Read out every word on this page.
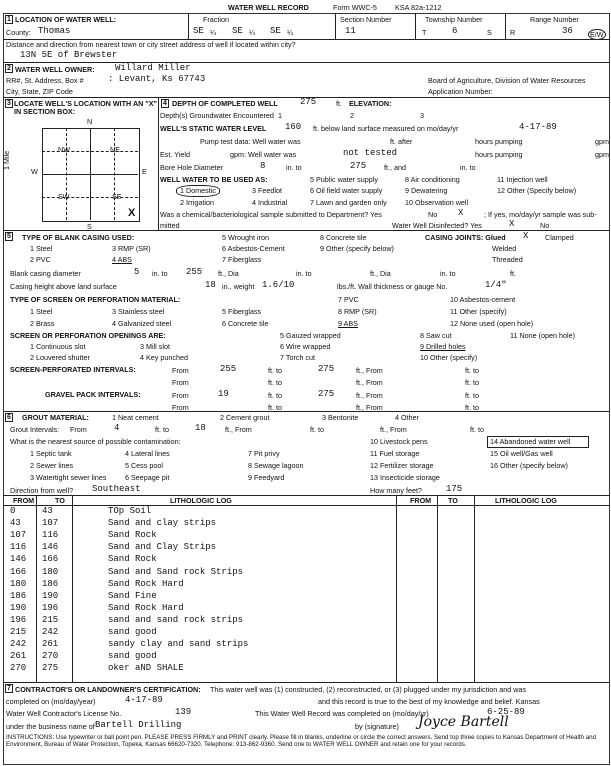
WATER WELL RECORD	Form WWC-5	KSA 82a-1212
1 LOCATION OF WATER WELL:	Fraction	Section Number	Township Number	Range Number
County: Thomas	SE ¼ SE ¼ SE ¼	11	T	6	S	R	36 E/W
Distance and direction from nearest town or city street address of well if located within city?
13N 5E of Brewster
2 WATER WELL OWNER: Willard Miller
RR#, St. Address, Box #	: Levant, Ks 67743
City, State, ZIP Code
Board of Agriculture, Division of Water Resources
Application Number:
3 LOCATE WELL'S LOCATION WITH AN "X" IN SECTION BOX:
N
S
W	E
1 Mile
NW	NE
SW	SE
X
4 DEPTH OF COMPLETED WELL 275	ft. ELEVATION:
Depth(s) Groundwater Encountered 1	2	3
WELL'S STATIC WATER LEVEL 160 ft. below land surface measured on mo/day/yr	4-17-89
Pump test data: Well water was	ft. after	hours pumping	gpm
Est. Yield	gpm: Well water was	not tested	hours pumping	gpm
Bore Hole Diameter	8	in. to	275 ft., and	in. to
WELL WATER TO BE USED AS:
1 Domestic	3 Feedlot
5 Public water supply	8 Air conditioning	11 Injection well
2 Irrigation	4 Industrial
6 Oil field water supply	9 Dewatering	12 Other (Specify below)
7 Lawn and garden only	10 Observation well
Was a chemical/bacteriological sample submitted to Department? Yes	No X	; If yes, mo/day/yr sample was sub-
mitted	Water Well Disinfected? Yes	X	No
5 TYPE OF BLANK CASING USED:
1 Steel	3 RMP (SR)
5 Wrought iron	8 Concrete tile
2 PVC	4 ABS
6 Asbestos-Cement	9 Other (specify below)
7 Fiberglass
CASING JOINTS: Glued X Clamped
Welded
Threaded
Blank casing diameter	5 in. to 255 ft., Dia	in. to	ft., Dia	in. to	ft.
Casing height above land surface	18 in., weight 1.6/10	lbs./ft. Wall thickness or gauge No.	1/4"
TYPE OF SCREEN OR PERFORATION MATERIAL:
1 Steel	3 Stainless steel	5 Fiberglass
7 PVC	10 Asbestos-cement
2 Brass	4 Galvanized steel	6 Concrete tile
8 RMP (SR)	11 Other (specify)
9 ABS	12 None used (open hole)
SCREEN OR PERFORATION OPENINGS ARE:	5 Gauzed wrapped	8 Saw cut	11 None (open hole)
1 Continuous slot	3 Mill slot	6 Wire wrapped	9 Drilled holes
2 Louvered shutter	4 Key punched	7 Torch cut	10 Other (specify)
SCREEN-PERFORATED INTERVALS:	From	255	ft. to	275	ft., From	ft. to
From	ft. to	ft., From	ft. to
GRAVEL PACK INTERVALS:	From	19	ft. to	275	ft., From	ft. to
From	ft. to	ft., From	ft. to
6 GROUT MATERIAL:	1 Neat cement	2 Cement grout	3 Bentonite	4 Other
Grout Intervals: From	4	ft. to	18	ft., From	ft. to	ft., From	ft. to
What is the nearest source of possible contamination:	10 Livestock pens	14 Abandoned water well
1 Septic tank	4 Lateral lines	7 Pit privy	11 Fuel storage	15 Oil well/Gas well
2 Sewer lines	5 Cess pool	8 Sewage lagoon	12 Fertilizer storage	16 Other (specify below)
3 Watertight sewer lines	6 Seepage pit	9 Feedyard	13 Insecticide storage
Direction from well? Southeast	How many feet?	175
FROM	TO	LITHOLOGIC LOG	FROM TO	LITHOLOGIC LOG
0	43	TOp Soil
43 107	Sand and clay strips
107 116	Sand Rock
116 146	Sand and Clay Strips
146 166	Sand Rock
166 180	Sand and Sand rock Strips
180 186	Sand Rock Hard
186 190	Sand Fine
190 196	Sand Rock Hard
196 215	sand and sand rock strips
215 242	sand good
242 261	sandy clay and sand strips
261 270	sand good
270 275	oker aND SHALE
7 CONTRACTOR'S OR LANDOWNER'S CERTIFICATION: This water well was (1) constructed, (2) reconstructed, or (3) plugged under my jurisdiction and was
completed on (mo/day/year)	4-17-89	and this record is true to the best of my knowledge and belief. Kansas
Water Well Contractor's License No.	139	This Water Well Record was completed on (mo/day/yr)	6-25-89
under the business name of Bartell Drilling	by (signature) Joyce Bartell
INSTRUCTIONS: Use typewriter or ball point pen. PLEASE PRESS FIRMLY and PRINT clearly. Please fill in blanks, underline or circle the correct answers. Send top three copies to Kansas Department of Health and Environment, Bureau of Water Protection, Topeka, Kansas 66620-7320. Telephone: 913-862-9360. Send one to WATER WELL OWNER and retain one for your records.
